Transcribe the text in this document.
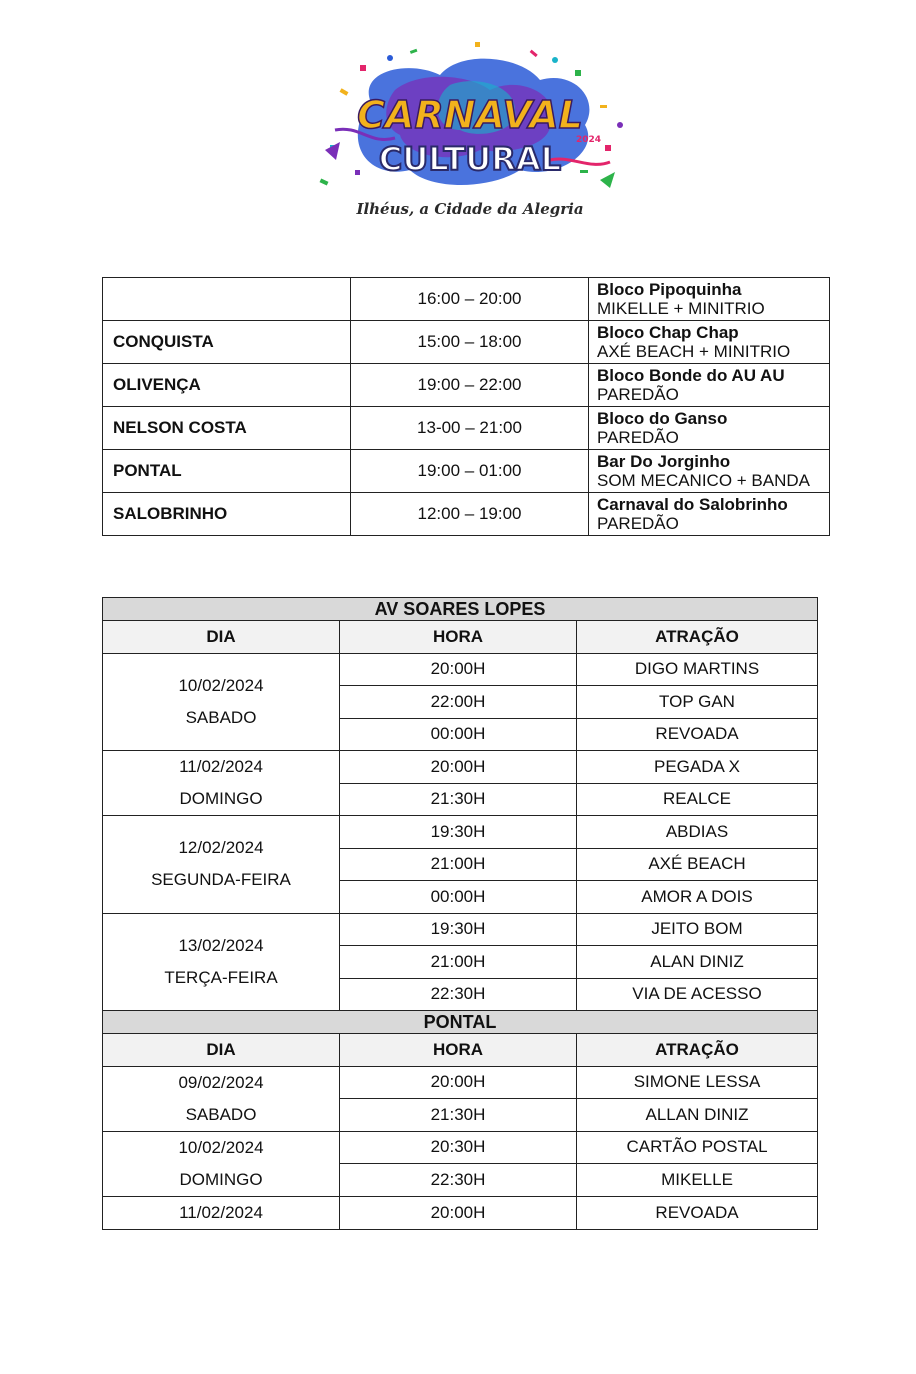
CARNAVAL
CULTURAL 2024
Ilhéus, a Cidade da Alegria
	16:00 – 20:00	Bloco Pipoquinha
MIKELLE + MINITRIO

CONQUISTA	15:00 – 18:00	Bloco Chap Chap
AXÉ BEACH + MINITRIO

OLIVENÇA	19:00 – 22:00	Bloco Bonde do AU AU
PAREDÃO

NELSON COSTA	13-00 – 21:00	Bloco do Ganso
PAREDÃO

PONTAL	19:00 – 01:00	Bar Do Jorginho
SOM MECANICO + BANDA

SALOBRINHO	12:00 – 19:00	Carnaval do Salobrinho
PAREDÃO
AV SOARES LOPES		
DIA	HORA	ATRAÇÃO

10/02/2024
SABADO	20:00H	DIGO MARTINS
	22:00H	TOP GAN
	00:00H	REVOADA

11/02/2024
DOMINGO	20:00H	PEGADA X
	21:30H	REALCE

12/02/2024
SEGUNDA-FEIRA	19:30H	ABDIAS
	21:00H	AXÉ BEACH
	00:00H	AMOR A DOIS

13/02/2024
TERÇA-FEIRA	19:30H	JEITO BOM
	21:00H	ALAN DINIZ
	22:30H	VIA DE ACESSO
PONTAL		
DIA	HORA	ATRAÇÃO

09/02/2024
SABADO	20:00H	SIMONE LESSA
	21:30H	ALLAN DINIZ

10/02/2024
DOMINGO	20:30H	CARTÃO POSTAL
	22:30H	MIKELLE

11/02/2024	20:00H	REVOADA
